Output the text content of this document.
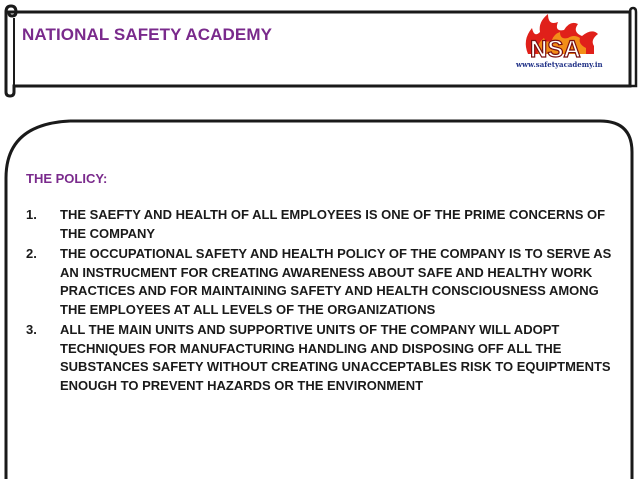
NATIONAL SAFETY ACADEMY
NSA
www.safetyacademy.in
THE POLICY:
1.	THE SAEFTY AND HEALTH OF ALL EMPLOYEES IS ONE OF THE PRIME CONCERNS OF THE COMPANY
2.	THE OCCUPATIONAL SAFETY AND HEALTH POLICY OF THE COMPANY IS TO SERVE AS AN INSTRUCMENT FOR CREATING AWARENESS ABOUT SAFE AND HEALTHY WORK PRACTICES AND FOR MAINTAINING SAFETY AND HEALTH CONSCIOUSNESS AMONG THE EMPLOYEES AT ALL LEVELS OF THE ORGANIZATIONS
3.	ALL THE MAIN UNITS AND SUPPORTIVE UNITS OF THE COMPANY WILL ADOPT TECHNIQUES FOR MANUFACTURING HANDLING AND DISPOSING OFF ALL THE SUBSTANCES SAFETY WITHOUT CREATING UNACCEPTABLES RISK TO EQUIPTMENTS ENOUGH TO PREVENT HAZARDS OR THE ENVIRONMENT
